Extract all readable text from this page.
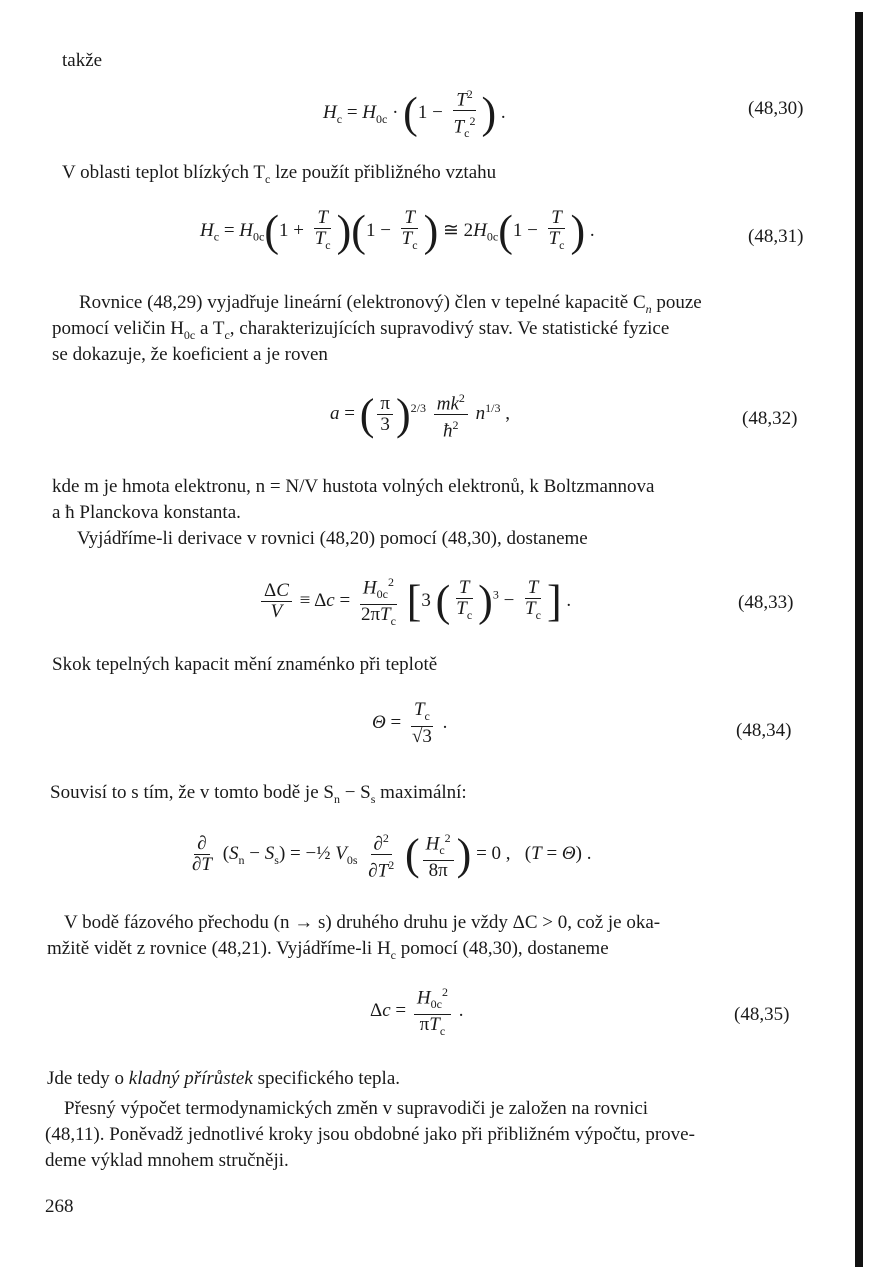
takže
$H_c = H_{0c} \cdot (1 - \frac{T^2}{T_c^2}$ ) .	(48,30)
V oblasti teplot blízkých $T_c$ lze použít přibližného vztahu
$H_c = H_{0c}(1 + \frac{T}{T_c} )(1 - \frac{T}{T_c}$ ) ≅ $2H_{0c}(1 - \frac{T}{T_c}$ ) .	(48,31)
Rovnice (48,29) vyjadřuje lineární (elektronový) člen v tepelné kapacitě $C_n$ pouze
pomocí veličin $H_{0c}$ a $T_c$, charakterizujících supravodivý stav. Ve statistické fyzice
se dokazuje, že koeficient a je roven
a = ( $\frac{\pi}{3} )^{2/3} \frac{mk^2}{ħ^2} n^{1/3}$ ,	(48,32)
kde m je hmota elektronu, n = N/V hustota volných elektronů, k Boltzmannova
a ħ Planckova konstanta.
Vyjádříme-li derivace v rovnici (48,20) pomocí (48,30), dostaneme
$\frac{\Delta C}{V} \equiv \Delta c = \frac{H_{0c}^2}{2\pi T_c} [3$ ( $\frac{T}{T_c} )^3 - \frac{T}{T_c}$ ] .	(48,33)
Skok tepelných kapacit mění znaménko při teplotě
$\Theta = \frac{T_c}{√3}$ .	(48,34)
Souvisí to s tím, že v tomto bodě je $S_n - S_s$ maximální:
$\frac{\partial}{\partial T} (S_n - S_s)$ = −½ $V_{0s} \frac{\partial^2}{\partial T^2}$ ( $\frac{H_c^2}{8\pi}$ ) = 0 ,   (T = Θ) .
V bodě fázového přechodu (n → s) druhého druhu je vždy ΔC > 0, což je oka-
mžitě vidět z rovnice (48,21). Vyjádříme-li $H_c$ pomocí (48,30), dostaneme
$\Delta c = \frac{H_{0c}^2}{\pi T_c}$ .	(48,35)
Jde tedy o kladný přírůstek specifického tepla.
Přesný výpočet termodynamických změn v supravodiči je založen na rovnici
(48,11). Poněvadž jednotlivé kroky jsou obdobné jako při přibližném výpočtu, prove-
deme výklad mnohem stručněji.
268
